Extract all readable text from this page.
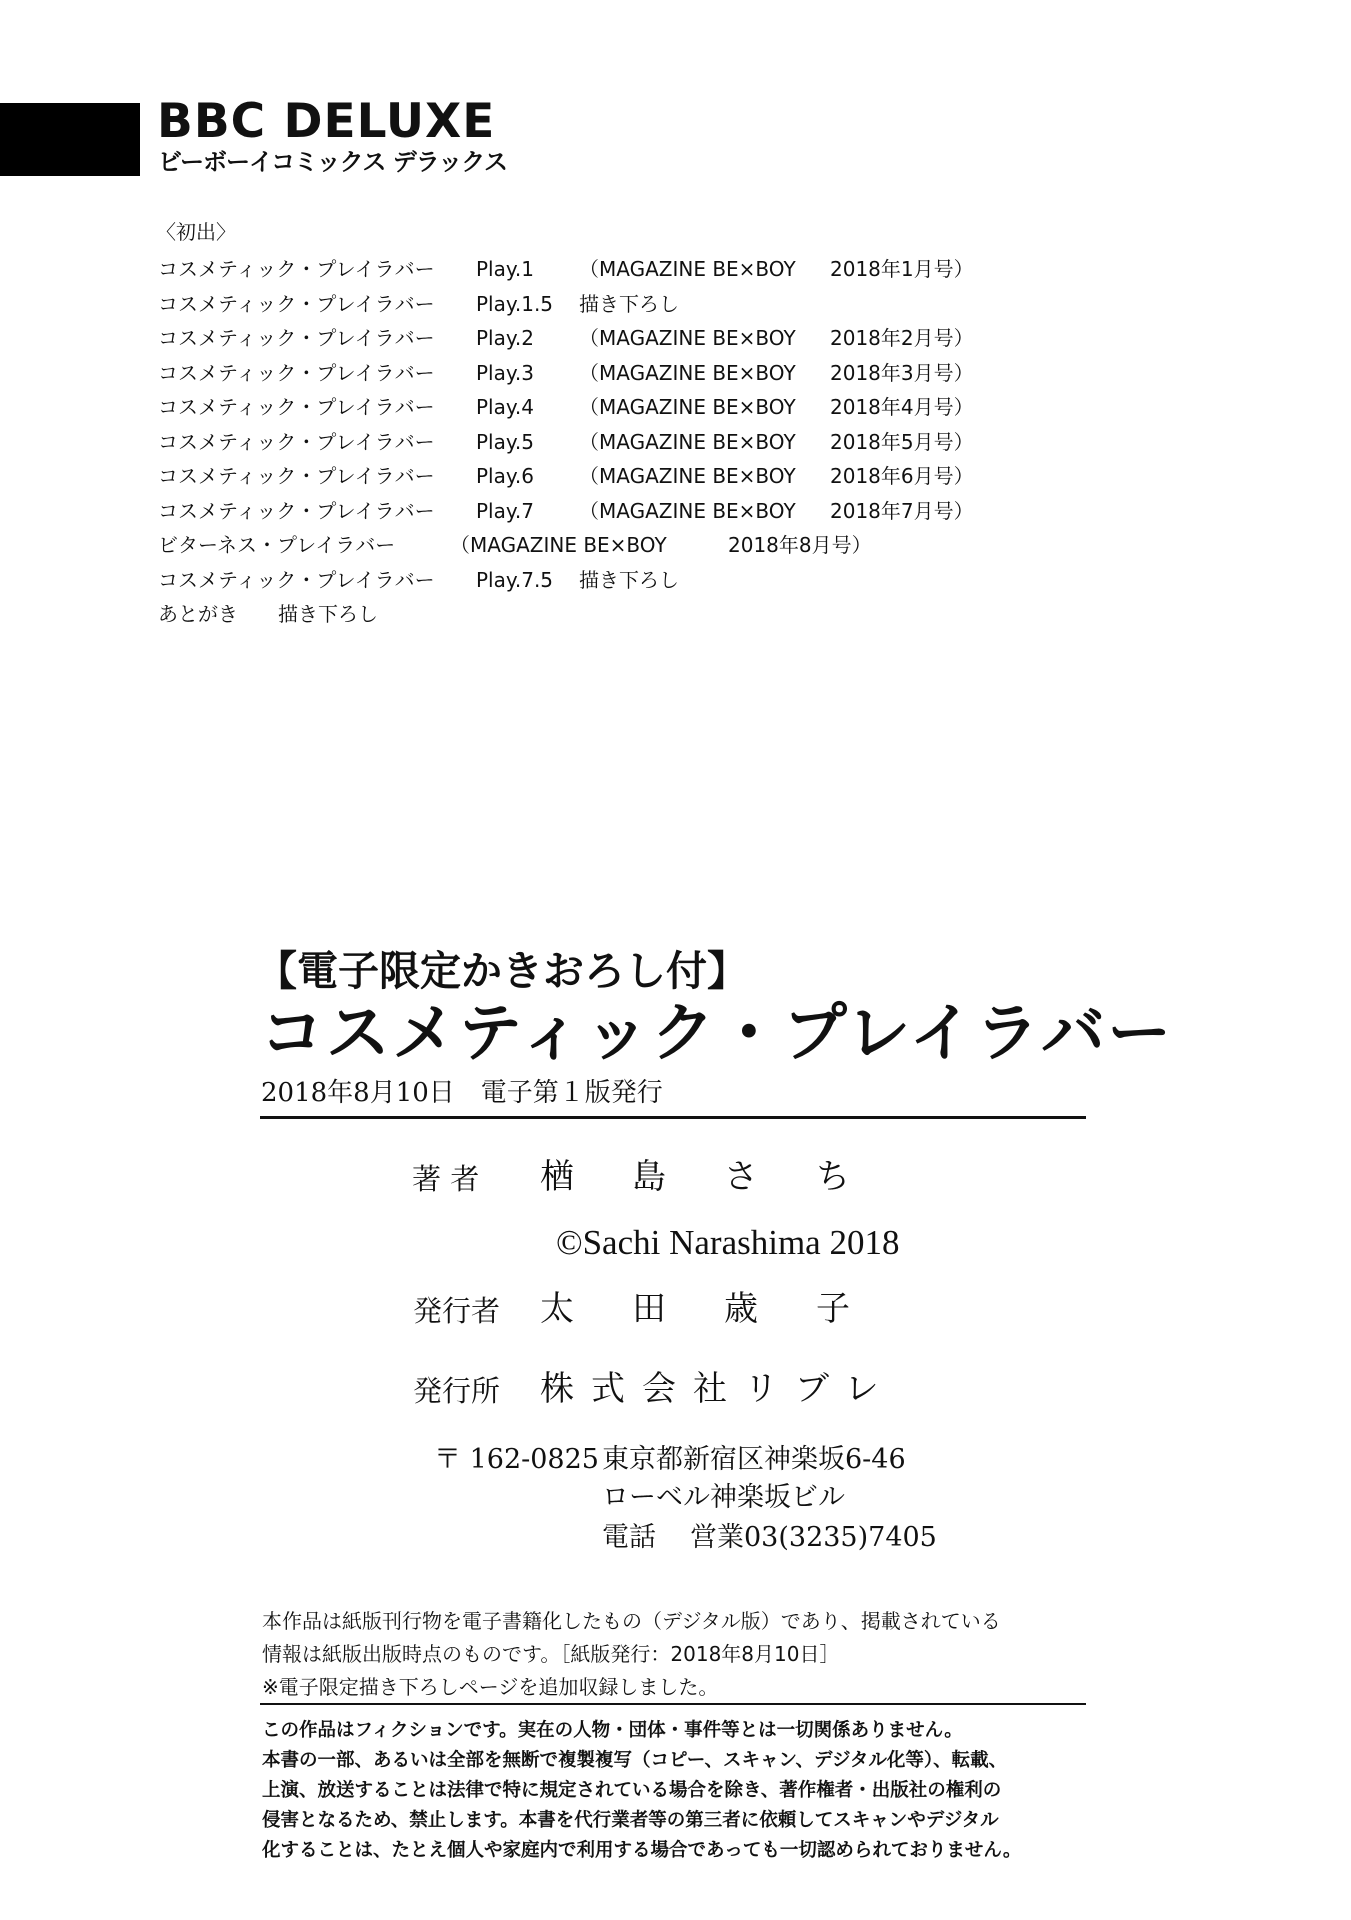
BBC DELUXE
ビーボーイコミックス デラックス
〈初出〉
コスメティック・プレイラバー Play.1 （MAGAZINE BE×BOY 2018年1月号）
コスメティック・プレイラバー Play.1.5 描き下ろし
コスメティック・プレイラバー Play.2 （MAGAZINE BE×BOY 2018年2月号）
コスメティック・プレイラバー Play.3 （MAGAZINE BE×BOY 2018年3月号）
コスメティック・プレイラバー Play.4 （MAGAZINE BE×BOY 2018年4月号）
コスメティック・プレイラバー Play.5 （MAGAZINE BE×BOY 2018年5月号）
コスメティック・プレイラバー Play.6 （MAGAZINE BE×BOY 2018年6月号）
コスメティック・プレイラバー Play.7 （MAGAZINE BE×BOY 2018年7月号）
ビターネス・プレイラバー	（MAGAZINE BE×BOY	2018年8月号）
コスメティック・プレイラバー Play.7.5 描き下ろし
あとがき　　 描き下ろし
【電子限定かきおろし付】
コスメティック・プレイラバー
2018年8月10日　電子第１版発行
著 者 楢島さち
©Sachi Narashima 2018
発行者 太田歳子
発行所 株式会社リブレ
〒 162-0825 東京都新宿区神楽坂6-46
ローベル神楽坂ビル
電話 営業03(3235)7405
本作品は紙版刊行物を電子書籍化したもの（デジタル版）であり、掲載されている
情報は紙版出版時点のものです。［紙版発行：2018年8月10日］
※電子限定描き下ろしページを追加収録しました。
この作品はフィクションです。実在の人物・団体・事件等とは一切関係ありません。
本書の一部、あるいは全部を無断で複製複写（コピー、スキャン、デジタル化等）、転載、
上演、放送することは法律で特に規定されている場合を除き、著作権者・出版社の権利の
侵害となるため、禁止します。本書を代行業者等の第三者に依頼してスキャンやデジタル
化することは、たとえ個人や家庭内で利用する場合であっても一切認められておりません。
